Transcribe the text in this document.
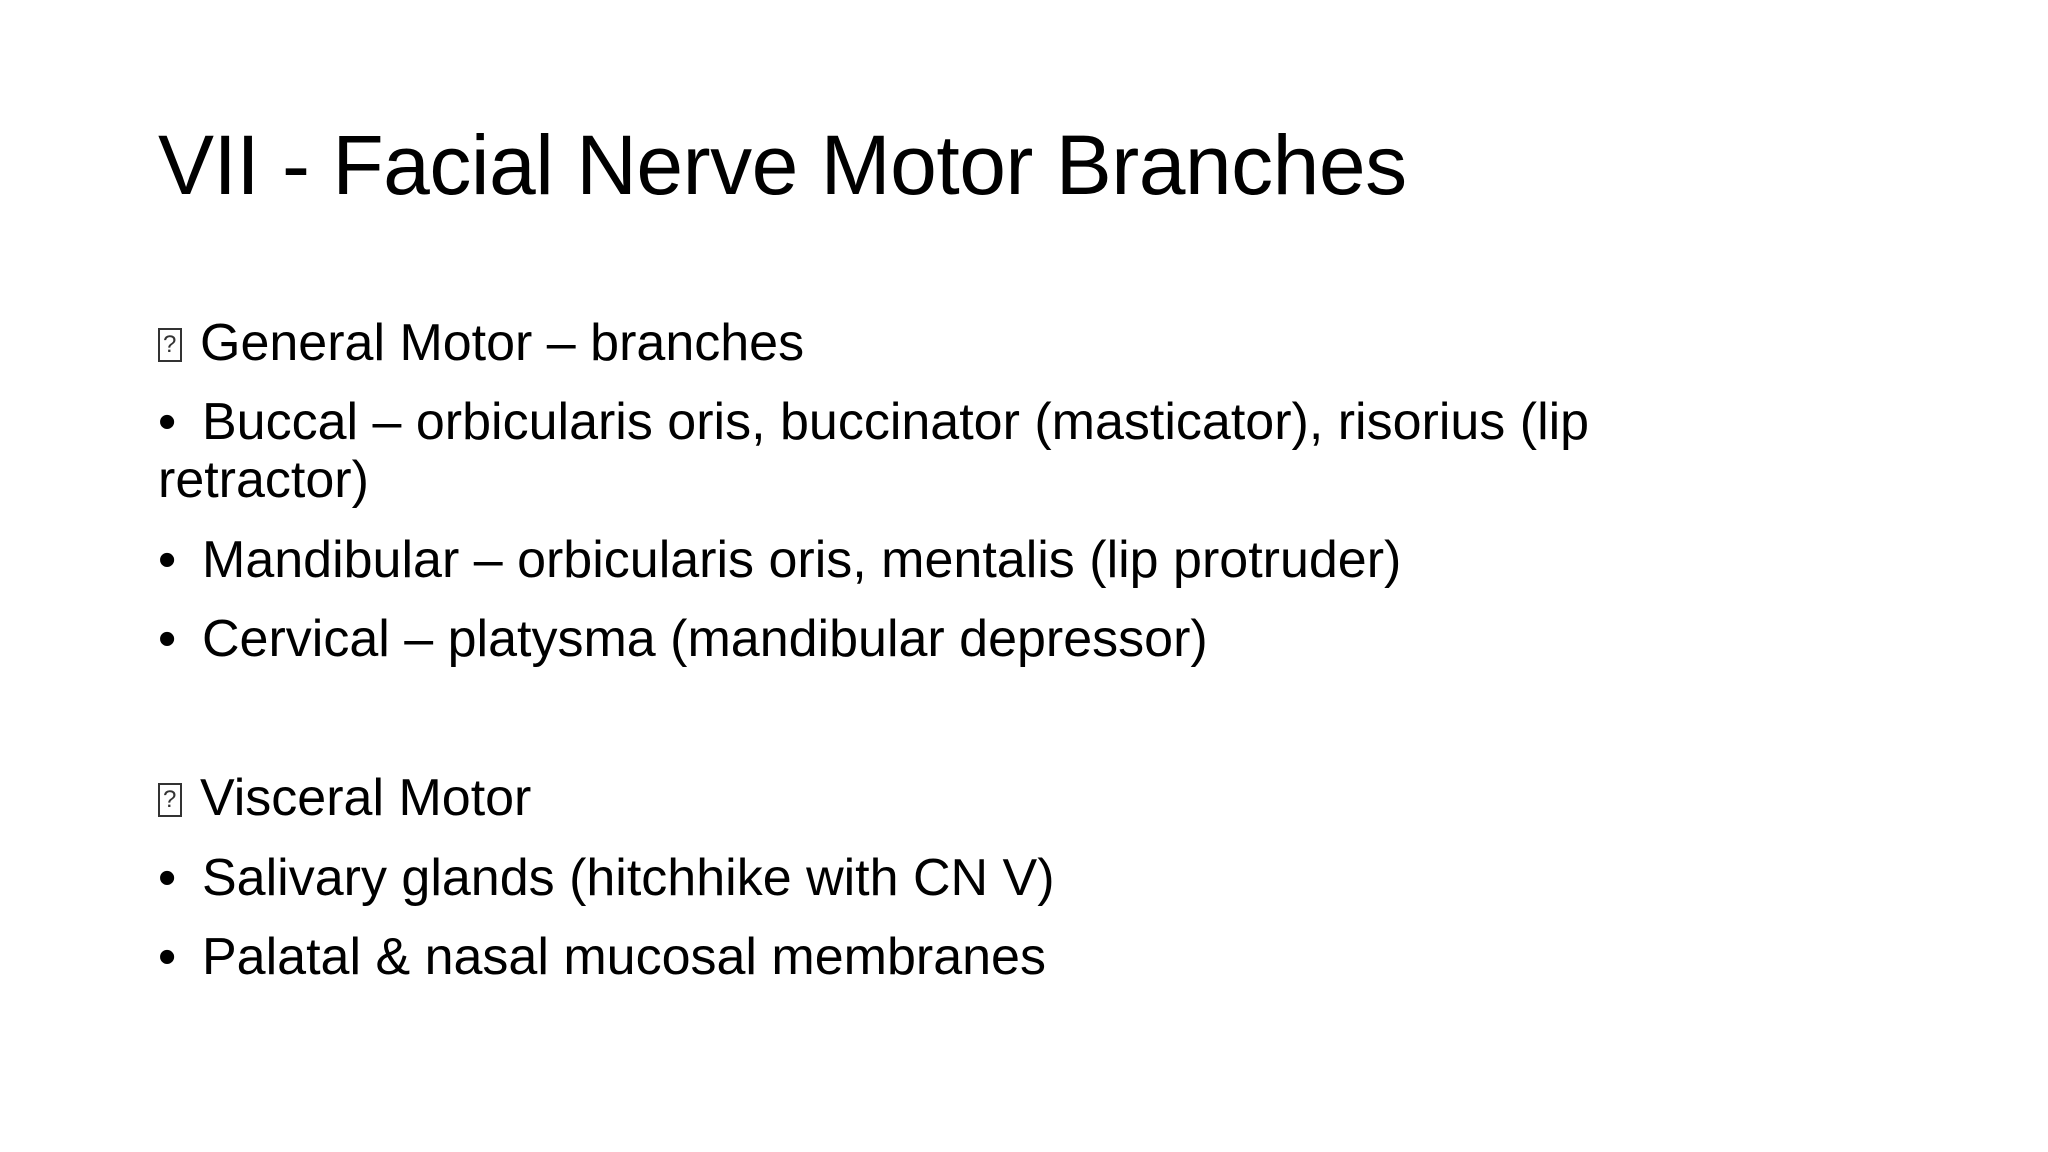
VII - Facial Nerve Motor Branches
?
General Motor – branches
• Buccal – orbicularis oris, buccinator (masticator), risorius (lip retractor)
• Mandibular – orbicularis oris, mentalis (lip protruder)
• Cervical – platysma (mandibular depressor)
?
Visceral Motor
• Salivary glands (hitchhike with CN V)
• Palatal & nasal mucosal membranes
